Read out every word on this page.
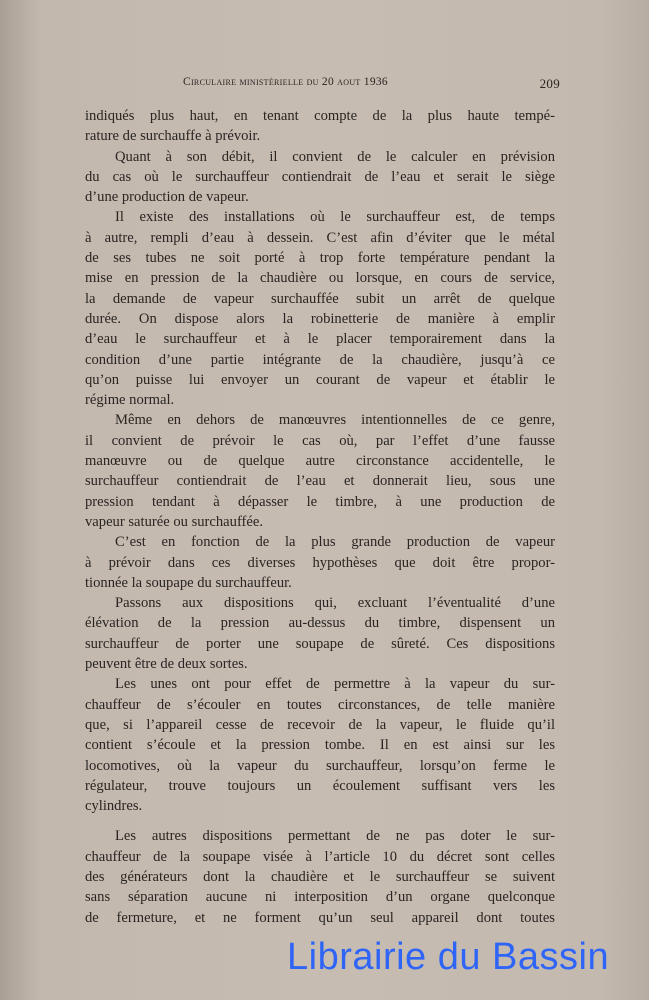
Circulaire ministérielle du 20 aout 1936	209
indiqués plus haut, en tenant compte de la plus haute tempé-
rature de surchauffe à prévoir.
Quant à son débit, il convient de le calculer en prévision
du cas où le surchauffeur contiendrait de l’eau et serait le siège
d’une production de vapeur.
Il existe des installations où le surchauffeur est, de temps
à autre, rempli d’eau à dessein. C’est afin d’éviter que le métal
de ses tubes ne soit porté à trop forte température pendant la
mise en pression de la chaudière ou lorsque, en cours de service,
la demande de vapeur surchauffée subit un arrêt de quelque
durée. On dispose alors la robinetterie de manière à emplir
d’eau le surchauffeur et à le placer temporairement dans la
condition d’une partie intégrante de la chaudière, jusqu’à ce
qu’on puisse lui envoyer un courant de vapeur et établir le
régime normal.
Même en dehors de manœuvres intentionnelles de ce genre,
il convient de prévoir le cas où, par l’effet d’une fausse
manœuvre ou de quelque autre circonstance accidentelle, le
surchauffeur contiendrait de l’eau et donnerait lieu, sous une
pression tendant à dépasser le timbre, à une production de
vapeur saturée ou surchauffée.
C’est en fonction de la plus grande production de vapeur
à prévoir dans ces diverses hypothèses que doit être propor-
tionnée la soupape du surchauffeur.
Passons aux dispositions qui, excluant l’éventualité d’une
élévation de la pression au-dessus du timbre, dispensent un
surchauffeur de porter une soupape de sûreté. Ces dispositions
peuvent être de deux sortes.
Les unes ont pour effet de permettre à la vapeur du sur-
chauffeur de s’écouler en toutes circonstances, de telle manière
que, si l’appareil cesse de recevoir de la vapeur, le fluide qu’il
contient s’écoule et la pression tombe. Il en est ainsi sur les
locomotives, où la vapeur du surchauffeur, lorsqu’on ferme le
régulateur, trouve toujours un écoulement suffisant vers les
cylindres.
Les autres dispositions permettant de ne pas doter le sur-
chauffeur de la soupape visée à l’article 10 du décret sont celles
des générateurs dont la chaudière et le surchauffeur se suivent
sans séparation aucune ni interposition d’un organe quelconque
de fermeture, et ne forment qu’un seul appareil dont toutes
Librairie du Bassin
